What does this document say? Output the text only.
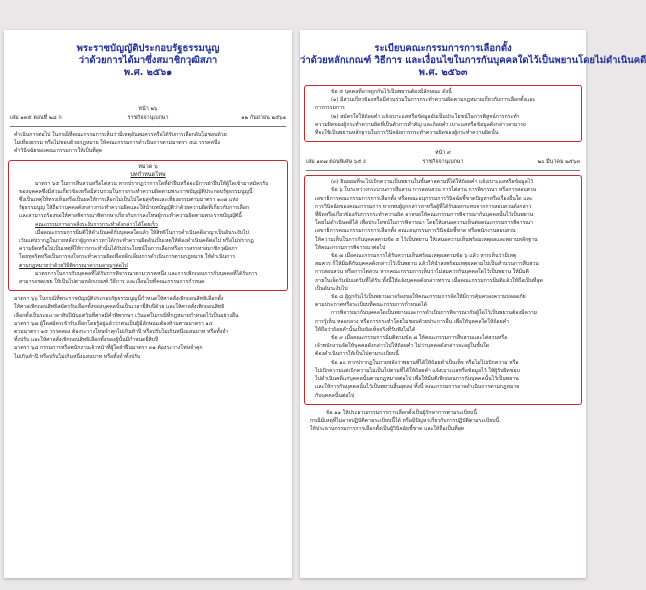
พระราชบัญญัติประกอบรัฐธรรมนูญ
ว่าด้วยการได้มาซึ่งสมาชิกวุฒิสภา
พ.ศ. ๒๕๖๑
หน้า ๒๖
เล่ม ๑๓๕ ตอนที่ ๒๘ ก	ราชกิจจานุเบกษา	๑๒ กันยายน ๒๕๖๑
คำเนินการต่อไป ในกรณีที่คณะกรรมการเห็นว่ามีเหตุอันสมควรหรือได้รับการเลือกอันไม่ชอบด้วย
ไม่เที่ยงธรรม หรือไม่ชอบด้วยกฎหมาย ให้คณะกรรมการดำเนินการตามมาตรา ๕๘ วรรคหนึ่ง
คำวินิจฉัยของคณะกรรมการให้เป็นที่สุด
หมวด ๖
บทกำหนดโทษ
มาตรา ๖๕ ในการสืบสวนหรือไต่สวน หากปรากฏว่าการใดที่ฝ่าฝืนหรือจะมีการฝ่าฝืนให้ผู้ใดเข้ามาสมัครรับ
ของบุคคลซึ่งมีส่วนเกี่ยวข้องหรือมีส่วนร่วมในการกระทำความผิดตามพระราชบัญญัติประกอบรัฐธรรมนูญนี้
ซึ่งเป็นเหตุให้ทรงเห็นหรือเป็นผลให้การเลือกไม่เป็นไปโดยสุจริตและเที่ยงธรรมตามมาตรา ๑๐๗ แห่ง
รัฐธรรมนูญ ให้ถือว่าบุคคลดังกล่าวกระทำความผิดและให้นำบทบัญญัติว่าด้วยความผิดที่เกี่ยวกับการเลือก
และสามารถร้องขอให้ศาลพิจารณาพิพากษาเกี่ยวกับการลงโทษผู้กระทำความผิดตามพระราชบัญญัตินี้
คณะกรรมการอาจสั่งระงับการกระทำดังกล่าวได้โดยเร็ว
เมื่อคณะกรรมการมีมติให้ดำเนินคดีกับบุคคลใดแล้ว ให้สิทธิในการดำเนินคดีอาญาเป็นอันระงับไป
เว้นแต่ปรากฏในภายหลังว่าผู้ถูกกล่าวหาได้กระทำความผิดอันเป็นเหตุให้ต้องดำเนินคดีต่อไป หรือไม่ปรากฏ
ความผิดหรือไม่เป็นเหตุที่ให้การกระทำนั้นได้รับประโยชน์ในการเลือกหรือการสรรหาสมาชิกวุฒิสภา
โดยทุจริตหรือเป็นการจงใจกระทำความผิดเพื่อหลีกเลี่ยงการดำเนินการตามกฎหมาย ให้ดำเนินการ
ตามกฎหมายว่าด้วยวิธีพิจารณาความอาญาต่อไป
มาตรการในการกับบุคคลที่ได้รับการพิจารณาตามวรรคหนึ่ง และการเพิกถอนการกับบุคคลที่ได้รับการ
สามารถชดเชย ให้เป็นไปตามหลักเกณฑ์ วิธีการ และเงื่อนไขที่คณะกรรมการกำหนด
มาตรา ๖๖ ในกรณีที่พระราชบัญญัติประกอบรัฐธรรมนูญนี้กำหนดให้ศาลสั่งเพิกถอนสิทธิเลือกตั้ง
ให้ศาลเพิกถอนสิทธิสมัครรับเลือกตั้งของบุคคลนั้นเป็นเวลายี่สิบปีด้วย และให้ศาลสั่งเพิกถอนสิทธิ
เลือกตั้งเป็นระยะเวลาสิบปีนับแต่วันที่ศาลมีคำพิพากษา เว้นแต่ในกรณีที่กฎหมายกำหนดไว้เป็นอย่างอื่น
มาตรา ๖๗ ผู้ใดสมัครเข้ารับเลือกโดยรู้อยู่แล้วว่าตนเป็นผู้มีลักษณะต้องห้ามตามมาตรา ๑๔
ตามมาตรา ๑๕ วรรคสอง ต้องระวางโทษจำคุกไม่เกินห้าปี หรือปรับไม่เกินหนึ่งแสนบาท หรือทั้งจำ
ทั้งปรับ และให้ศาลสั่งเพิกถอนสิทธิเลือกตั้งของผู้นั้นมีกำหนดยี่สิบปี
มาตรา ๖๘ กรรมการหรือพนักงานเจ้าหน้าที่ผู้ใดฝ่าฝืนมาตรา ๓๑ ต้องระวางโทษจำคุก
ไม่เกินห้าปี หรือปรับไม่เกินหนึ่งแสนบาท หรือทั้งจำทั้งปรับ
ระเบียบคณะกรรมการการเลือกตั้ง
ว่าด้วยหลักเกณฑ์ วิธีการ และเงื่อนไขในการกันบุคคลใดไว้เป็นพยานโดยไม่ดำเนินคดี
พ.ศ. ๒๕๖๓
ข้อ ๕ บุคคลที่อาจถูกกันไว้เป็นพยานต้องมีลักษณะ ดังนี้
(๑) มีส่วนเกี่ยวข้องหรือมีส่วนร่วมในการกระทำความผิดตามกฎหมายเกี่ยวกับการเลือกตั้งและ
การกรรมการ
(๒) สมัครใจให้ถ้อยคำ แจ้งเบาะแสหรือข้อมูลอันเป็นประโยชน์ในการพิสูจน์การกระทำ
ความผิดของผู้กระทำความผิดที่เป็นตัวการสำคัญ และถ้อยคำ เบาะแสหรือข้อมูลดังกล่าวสามารถ
ที่จะใช้เป็นพยานหลักฐานในการวินิจฉัยการกระทำความผิดของผู้กระทำความผิดนั้น
หน้า ๙
เล่ม ๑๓๗ ตอนพิเศษ ๖๕ ง	ราชกิจจานุเบกษา	๒๐ มีนาคม ๒๕๖๓
(๓) ยินยอมที่จะไปเบิกความเป็นพยานในชั้นศาลตามที่ได้ให้ถ้อยคำ แจ้งเบาะแสหรือข้อมูลไว้
ข้อ ๖ ในระหว่างกระบวนการสืบสวน การสอบสวน การไต่สวน การพิจารณา หรือการสอบสวน
เลขาธิการคณะกรรมการการเลือกตั้ง หรือคณะอนุกรรมการวินิจฉัยชี้ขาดปัญหาหรือเรื่องอื่นใด และ
การวินิจฉัยของคณะกรรมการ หากพบผู้ถูกกล่าวหาหรือผู้ที่ได้รับผลกระทบจากการสอบสวนดังกล่าว
ที่ผิดหรือเกี่ยวข้องกับการกระทำความผิด อาจขอให้คณะกรรมการพิจารณากันบุคคลนั้นไว้เป็นพยาน
โดยไม่ดำเนินคดีได้ เพื่อประโยชน์ในการพิจารณา โดยให้เสนอความเห็นต่อคณะกรรมการพิจารณา
เลขาธิการคณะกรรมการการเลือกตั้ง คณะอนุกรรมการวินิจฉัยชี้ขาด หรือพนักงานสอบสวน
ให้ความเห็นในการกันบุคคลตามข้อ ๕ ไว้เป็นพยาน ให้เสนอความเห็นพร้อมเหตุผลและพยานหลักฐาน
ให้คณะกรรมการพิจารณาต่อไป
ข้อ ๗ เมื่อคณะกรรมการได้รับความเห็นพร้อมเหตุผลตามข้อ ๖ แล้ว หากเห็นว่ามีเหตุ
สมควร ก็ให้มีมติกันบุคคลดังกล่าวไว้เป็นพยาน แล้วให้นำส่งพร้อมเหตุผลตามไปเป็นสำนวนการสืบสวน
การสอบสวน หรือการไต่สวน หากคณะกรรมการเห็นว่าไม่สมควรกันบุคคลใดไว้เป็นพยาน ให้มีมติ
ภายในเจ็ดวันนับแต่วันที่ได้รับ ทั้งนี้ให้แจ้งบุคคลดังกล่าวทราบ เมื่อคณะกรรมการมีมติแล้วให้ถือเป็นที่สุด
เป็นอันระงับไป
ข้อ ๘ ผู้ถูกกันไว้เป็นพยานอาจร้องขอให้คณะกรรมการจัดให้มีการคุ้มครองความปลอดภัย
ตามประกาศหรือระเบียบที่คณะกรรมการกำหนดได้
การพิจารณากันบุคคลใดเป็นพยานและการดำเนินการพิจารณากันผู้ใดไว้เป็นพยานต้องมีความ
การรู้เห็น หลอกลวง หรือการกระทำโดยไม่ชอบด้วยประการอื่น เพื่อให้บุคคลใดให้ถ้อยคำ
ให้ถือว่าถ้อยคำนั้นเป็นข้อเท็จจริงที่รับฟังไม่ได้
ข้อ ๙ เมื่อคณะกรรมการมีมติตามข้อ ๗ ให้คณะกรรมการสืบสวนและไต่สวนหรือ
เจ้าพนักงานจัดให้บุคคลดังกล่าวไปให้ถ้อยคำ ไม่ว่าบุคคลดังกล่าวจะอยู่ในชั้นใด
ต้องดำเนินการให้เป็นไปตามระเบียบนี้
ข้อ ๑๐ หากปรากฏในภายหลังว่าพยานที่ได้ให้ถ้อยคำเป็นเท็จ หรือไม่ไปเบิกความ หรือ
ไปเบิกความแต่เบิกความไม่เป็นไปตามที่ได้ให้ถ้อยคำ แจ้งเบาะแสหรือข้อมูลไว้ ให้ผู้รับผิดชอบ
ไปดำเนินคดีแก่บุคคลนั้นตามกฎหมายต่อไป เพื่อให้มีมติเพิกถอนการกันบุคคลนั้นไว้เป็นพยาน
และให้การกันบุคคลนั้นไว้เป็นพยานสิ้นสุดลง ทั้งนี้ คณะกรรมการอาจดำเนินการตามกฎหมาย
กับบุคคลนั้นต่อไป
ข้อ ๑๑ ให้ประธานกรรมการการเลือกตั้งเป็นผู้รักษาการตามระเบียบนี้
กรณีมีเหตุที่ไม่อาจปฏิบัติตามระเบียบนี้ได้ หรือมีปัญหาเกี่ยวกับการปฏิบัติตามระเบียบนี้
ให้ประธานกรรมการการเลือกตั้งเป็นผู้วินิจฉัยชี้ขาด และให้ถือเป็นที่สุด
